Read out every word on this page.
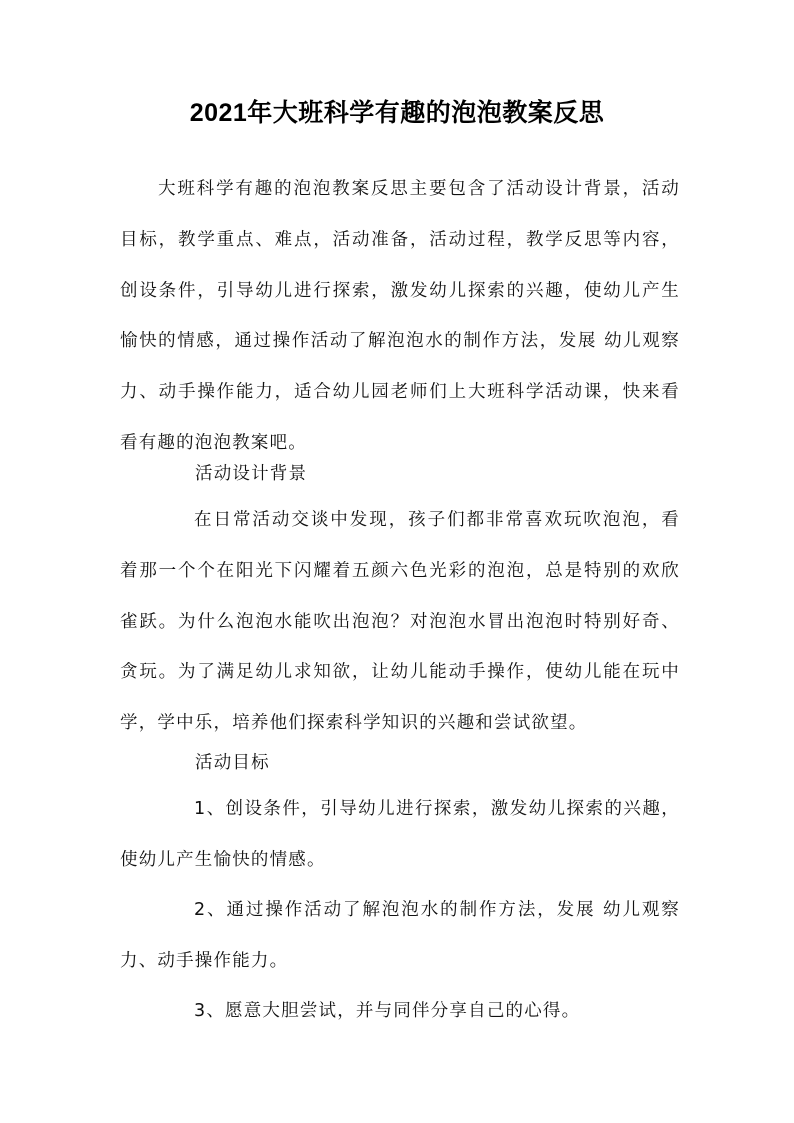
2021年大班科学有趣的泡泡教案反思

大班科学有趣的泡泡教案反思主要包含了活动设计背景，活动目标，教学重点、难点，活动准备，活动过程，教学反思等内容，创设条件，引导幼儿进行探索，激发幼儿探索的兴趣，使幼儿产生愉快的情感，通过操作活动了解泡泡水的制作方法，发展 幼儿观察力、动手操作能力，适合幼儿园老师们上大班科学活动课，快来看看有趣的泡泡教案吧。

活动设计背景

在日常活动交谈中发现，孩子们都非常喜欢玩吹泡泡，看着那一个个在阳光下闪耀着五颜六色光彩的泡泡，总是特别的欢欣雀跃。为什么泡泡水能吹出泡泡？对泡泡水冒出泡泡时特别好奇、贪玩。为了满足幼儿求知欲，让幼儿能动手操作，使幼儿能在玩中学，学中乐，培养他们探索科学知识的兴趣和尝试欲望。

活动目标

1、创设条件，引导幼儿进行探索，激发幼儿探索的兴趣，使幼儿产生愉快的情感。

2、通过操作活动了解泡泡水的制作方法，发展 幼儿观察力、动手操作能力。

3、愿意大胆尝试，并与同伴分享自己的心得。
